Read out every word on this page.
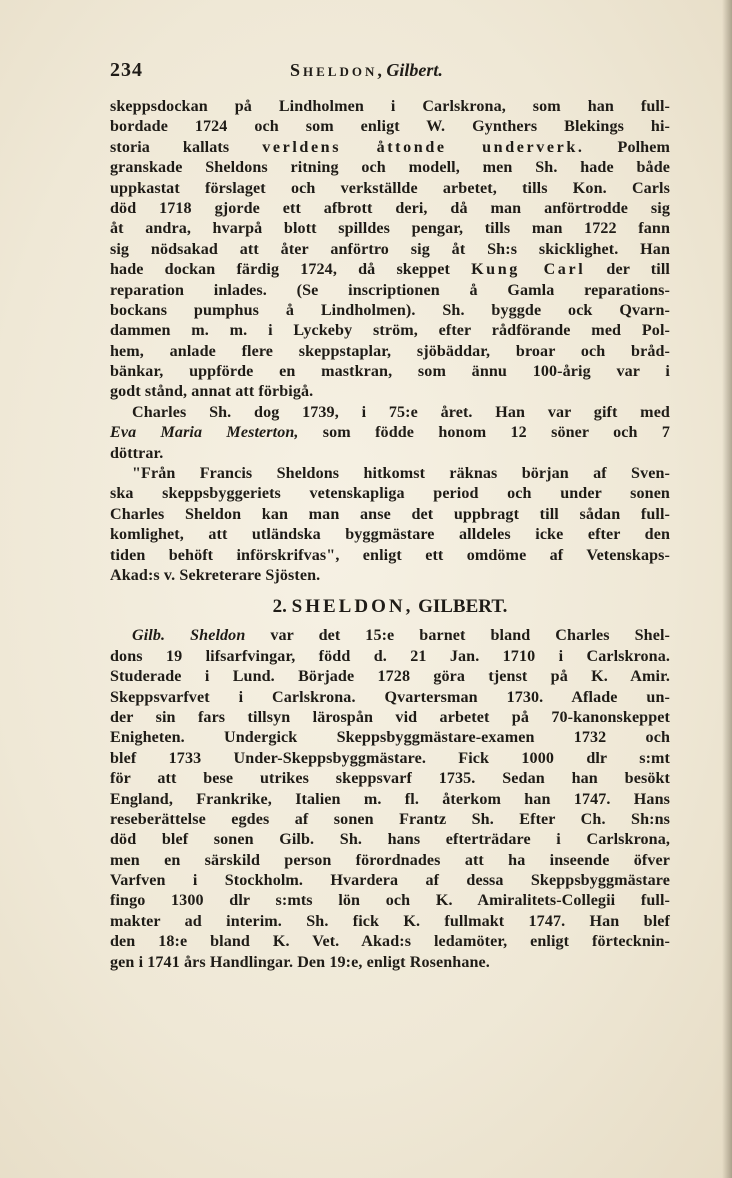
234	Sheldon, Gilbert.
skeppsdockan på Lindholmen i Carlskrona, som han full-
bordade 1724 och som enligt W. Gynthers Blekings hi-
storia kallats verldens åttonde underverk. Polhem
granskade Sheldons ritning och modell, men Sh. hade både
uppkastat förslaget och verkställde arbetet, tills Kon. Carls
död 1718 gjorde ett afbrott deri, då man anförtrodde sig
åt andra, hvarpå blott spilldes pengar, tills man 1722 fann
sig nödsakad att åter anförtro sig åt Sh:s skicklighet. Han
hade dockan färdig 1724, då skeppet Kung Carl der till
reparation inlades. (Se inscriptionen å Gamla reparations-
bockans pumphus å Lindholmen). Sh. byggde ock Qvarn-
dammen m. m. i Lyckeby ström, efter rådförande med Pol-
hem, anlade flere skeppstaplar, sjöbäddar, broar och bråd-
bänkar, uppförde en mastkran, som ännu 100-årig var i
godt stånd, annat att förbigå.
Charles Sh. dog 1739, i 75:e året. Han var gift med
Eva Maria Mesterton, som födde honom 12 söner och 7
döttrar.
"Från Francis Sheldons hitkomst räknas början af Sven-
ska skeppsbyggeriets vetenskapliga period och under sonen
Charles Sheldon kan man anse det uppbragt till sådan full-
komlighet, att utländska byggmästare alldeles icke efter den
tiden behöft införskrifvas", enligt ett omdöme af Vetenskaps-
Akad:s v. Sekreterare Sjösten.
2. SHELDON, GILBERT.
Gilb. Sheldon var det 15:e barnet bland Charles Shel-
dons 19 lifsarfvingar, född d. 21 Jan. 1710 i Carlskrona.
Studerade i Lund. Började 1728 göra tjenst på K. Amir.
Skeppsvarfvet i Carlskrona. Qvartersman 1730. Aflade un-
der sin fars tillsyn lärospån vid arbetet på 70-kanonskeppet
Enigheten. Undergick Skeppsbyggmästare-examen 1732 och
blef 1733 Under-Skeppsbyggmästare. Fick 1000 dlr s:mt
för att bese utrikes skeppsvarf 1735. Sedan han besökt
England, Frankrike, Italien m. fl. återkom han 1747. Hans
reseberättelse egdes af sonen Frantz Sh. Efter Ch. Sh:ns
död blef sonen Gilb. Sh. hans efterträdare i Carlskrona,
men en särskild person förordnades att ha inseende öfver
Varfven i Stockholm. Hvardera af dessa Skeppsbyggmästare
fingo 1300 dlr s:mts lön och K. Amiralitets-Collegii full-
makter ad interim. Sh. fick K. fullmakt 1747. Han blef
den 18:e bland K. Vet. Akad:s ledamöter, enligt förtecknin-
gen i 1741 års Handlingar. Den 19:e, enligt Rosenhane.
